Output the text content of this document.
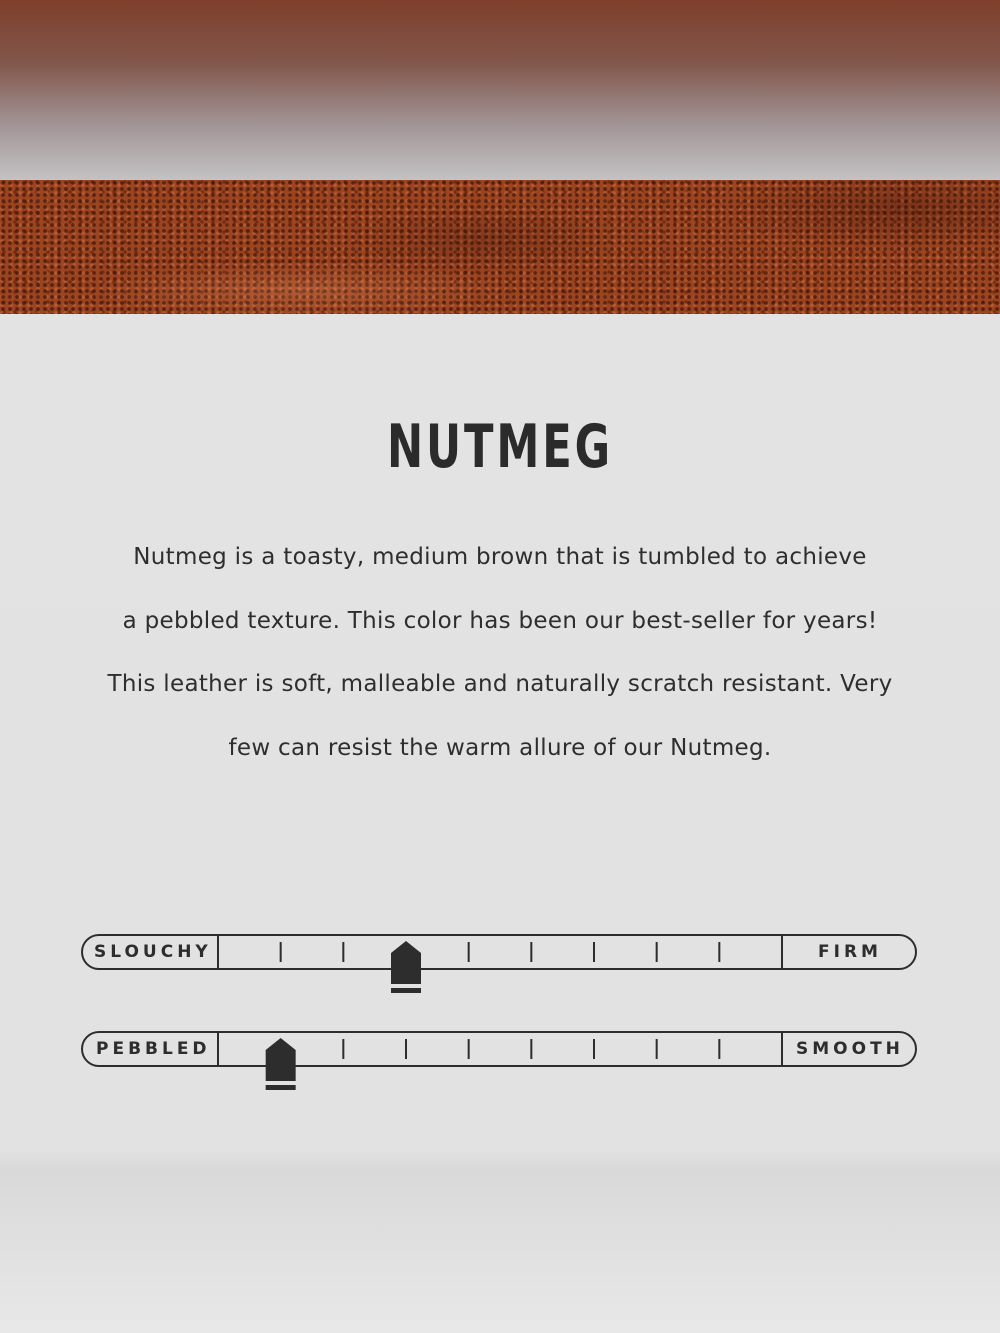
NUTMEG
Nutmeg is a toasty, medium brown that is tumbled to achieve
a pebbled texture. This color has been our best-seller for years!
This leather is soft, malleable and naturally scratch resistant. Very
few can resist the warm allure of our Nutmeg.
SLOUCHY	FIRM
PEBBLED	SMOOTH
